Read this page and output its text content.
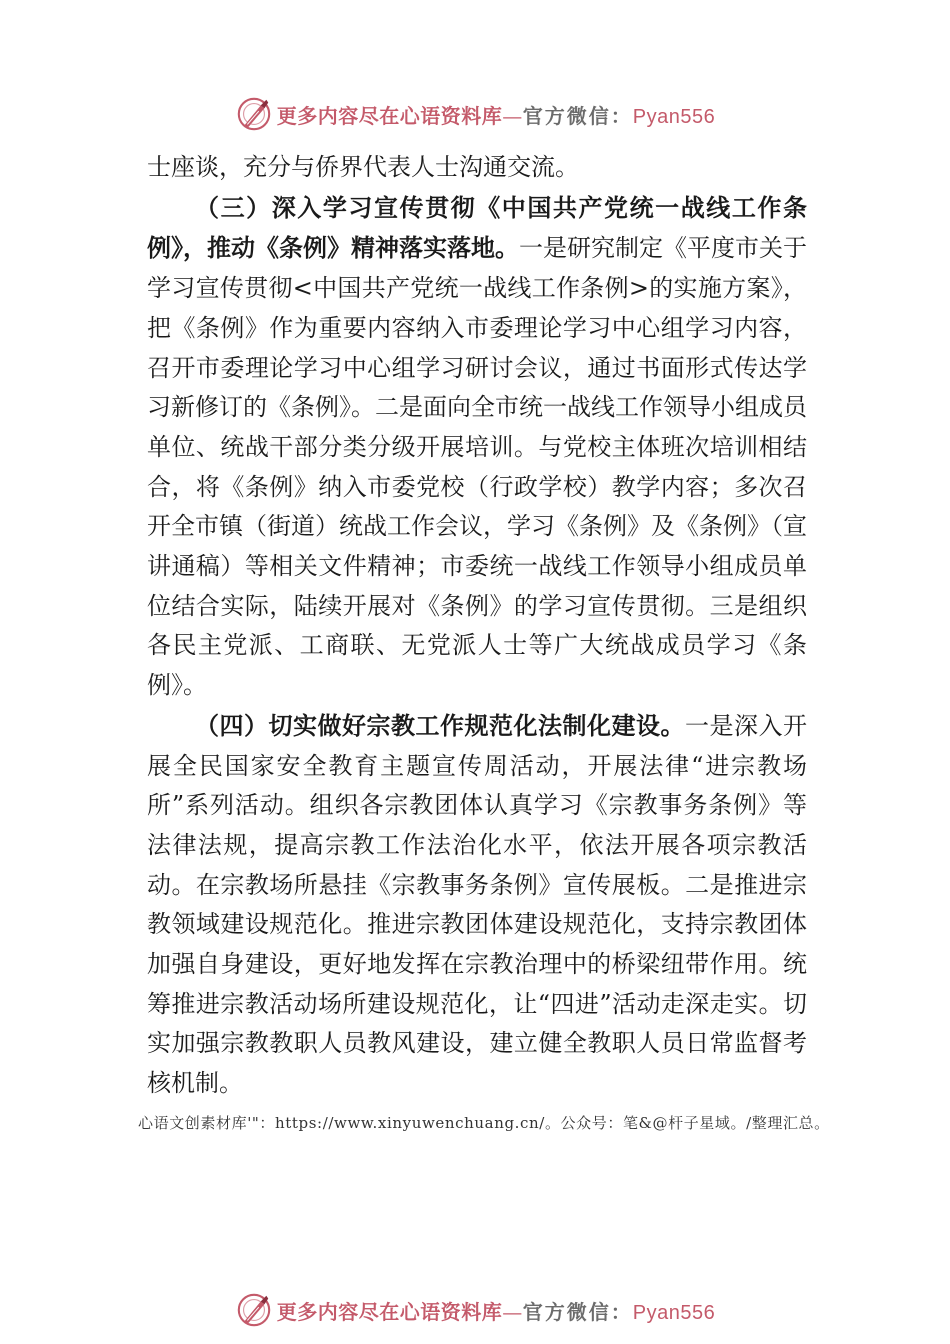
更多内容尽在心语资料库—官方微信：Pyan556

士座谈，充分与侨界代表人士沟通交流。

（三）深入学习宣传贯彻《中国共产党统一战线工作条例》，推动《条例》精神落实落地。一是研究制定《平度市关于学习宣传贯彻<中国共产党统一战线工作条例>的实施方案》，把《条例》作为重要内容纳入市委理论学习中心组学习内容，召开市委理论学习中心组学习研讨会议，通过书面形式传达学习新修订的《条例》。二是面向全市统一战线工作领导小组成员单位、统战干部分类分级开展培训。与党校主体班次培训相结合，将《条例》纳入市委党校（行政学校）教学内容；多次召开全市镇（街道）统战工作会议，学习《条例》及《条例》（宣讲通稿）等相关文件精神；市委统一战线工作领导小组成员单位结合实际，陆续开展对《条例》的学习宣传贯彻。三是组织各民主党派、工商联、无党派人士等广大统战成员学习《条例》。

（四）切实做好宗教工作规范化法制化建设。一是深入开展全民国家安全教育主题宣传周活动，开展法律“进宗教场所”系列活动。组织各宗教团体认真学习《宗教事务条例》等法律法规，提高宗教工作法治化水平，依法开展各项宗教活动。在宗教场所悬挂《宗教事务条例》宣传展板。二是推进宗教领域建设规范化。推进宗教团体建设规范化，支持宗教团体加强自身建设，更好地发挥在宗教治理中的桥梁纽带作用。统筹推进宗教活动场所建设规范化，让“四进”活动走深走实。切实加强宗教教职人员教风建设，建立健全教职人员日常监督考核机制。

心语文创素材库'"：https://www.xinyuwenchuang.cn/。公众号：笔&@杆子星域。/整理汇总。
更多内容尽在心语资料库—官方微信：Pyan556
